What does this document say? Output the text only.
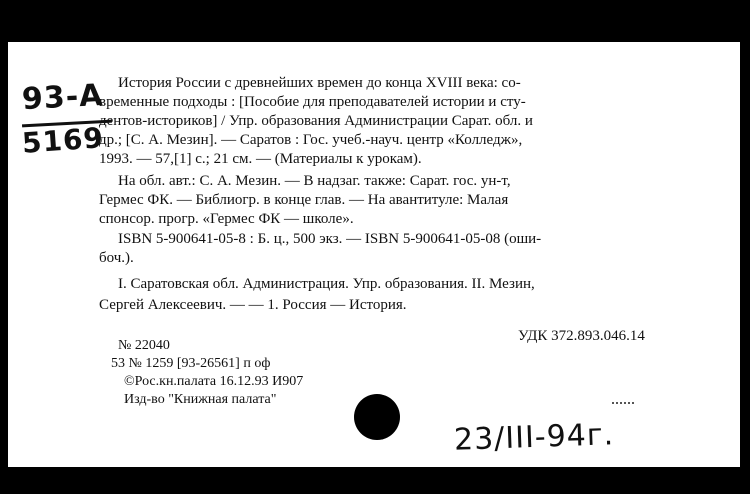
93-А
5169
История России с древнейших времен до конца XVIII века: со-
временные подходы : [Пособие для преподавателей истории и сту-
дентов-историков] / Упр. образования Администрации Сарат. обл. и
др.; [С. А. Мезин]. — Саратов : Гос. учеб.-науч. центр «Колледж»,
1993. — 57,[1] с.; 21 см. — (Материалы к урокам).
На обл. авт.: С. А. Мезин. — В надзаг. также: Сарат. гос. ун-т,
Гермес ФК. — Библиогр. в конце глав. — На авантитуле: Малая
спонсор. прогр. «Гермес ФК — школе».
ISBN 5-900641-05-8 : Б. ц., 500 экз. — ISBN 5-900641-05-08 (оши-
боч.).
I. Саратовская обл. Администрация. Упр. образования. II. Мезин,
Сергей Алексеевич. — — 1. Россия — История.
УДК 372.893.046.14
№ 22040
53 № 1259 [93-26561] п оф
©Рос.кн.палата 16.12.93 И907
Изд-во "Книжная палата"
23/III-94г.
